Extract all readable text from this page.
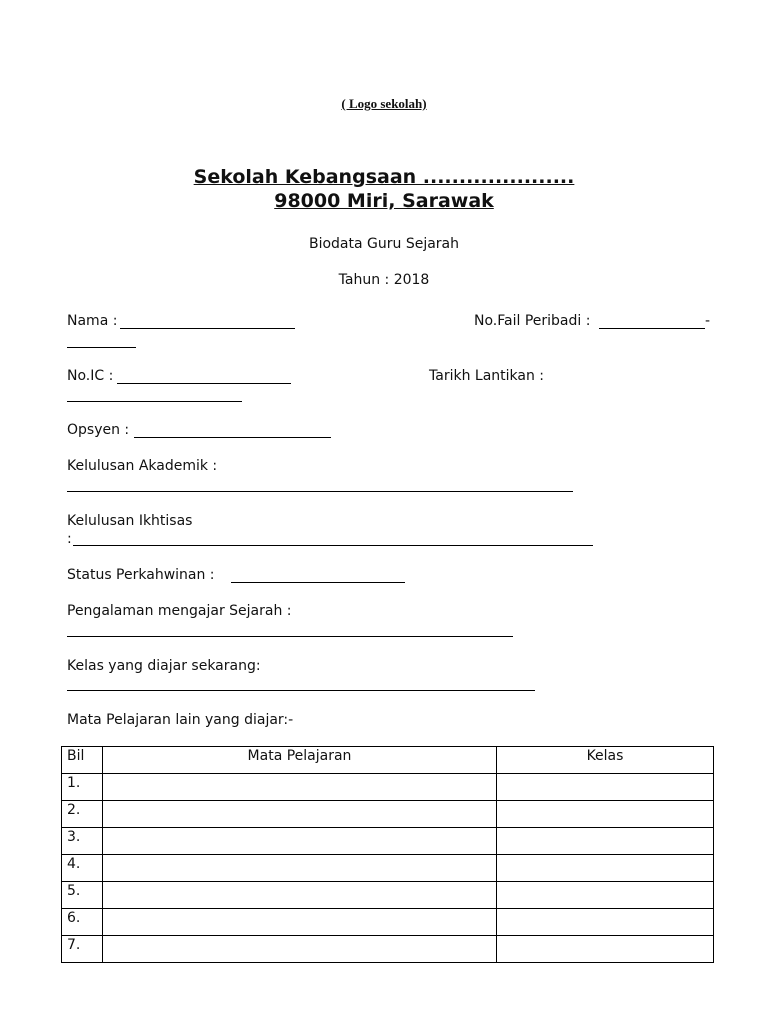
( Logo sekolah)
Sekolah Kebangsaan .....................
98000 Miri, Sarawak
Biodata Guru Sejarah
Tahun : 2018
Nama :	No.Fail Peribadi :	-
No.IC :	Tarikh Lantikan :
Opsyen :
Kelulusan Akademik :
Kelulusan Ikhtisas
:
Status Perkahwinan :
Pengalaman mengajar Sejarah :
Kelas yang diajar sekarang:
Mata Pelajaran lain yang diajar:-
Bil	Mata Pelajaran	Kelas
1.		
2.		
3.		
4.		
5.		
6.		
7.		
